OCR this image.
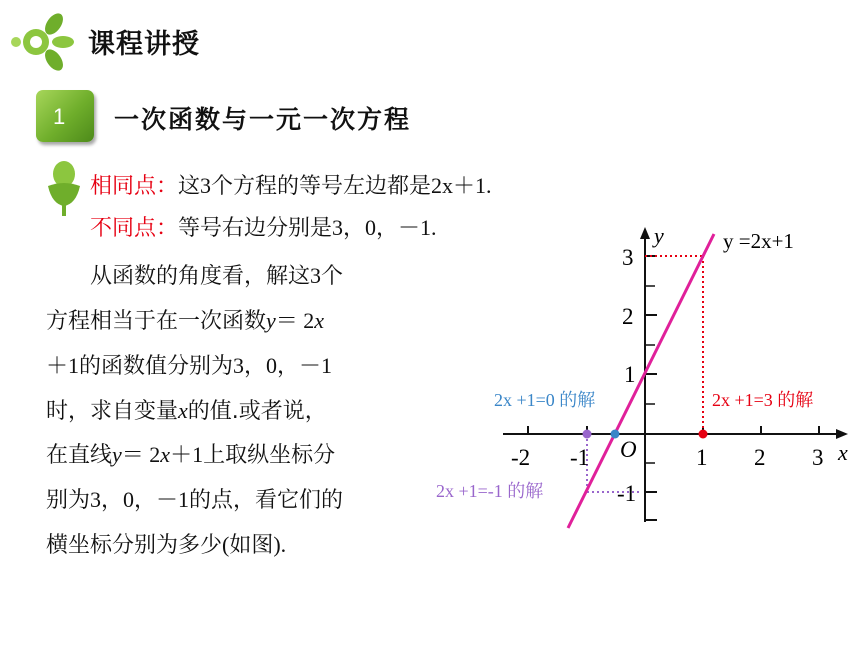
课程讲授
1 一次函数与一元一次方程
相同点：这3个方程的等号左边都是2x＋1.
不同点：等号右边分别是3，0，－1.
从函数的角度看，解这3个
方程相当于在一次函数y＝ 2x
＋1的函数值分别为3，0，－1
时，求自变量x的值.或者说，
在直线y＝ 2x＋1上取纵坐标分
别为3，0，－1的点，看它们的
横坐标分别为多少(如图).
y
x
O
-2 -1	1 2 3
3
2
1
-1
y =2x+1
2x +1=0 的解	2x +1=3 的解
2x +1=-1 的解
